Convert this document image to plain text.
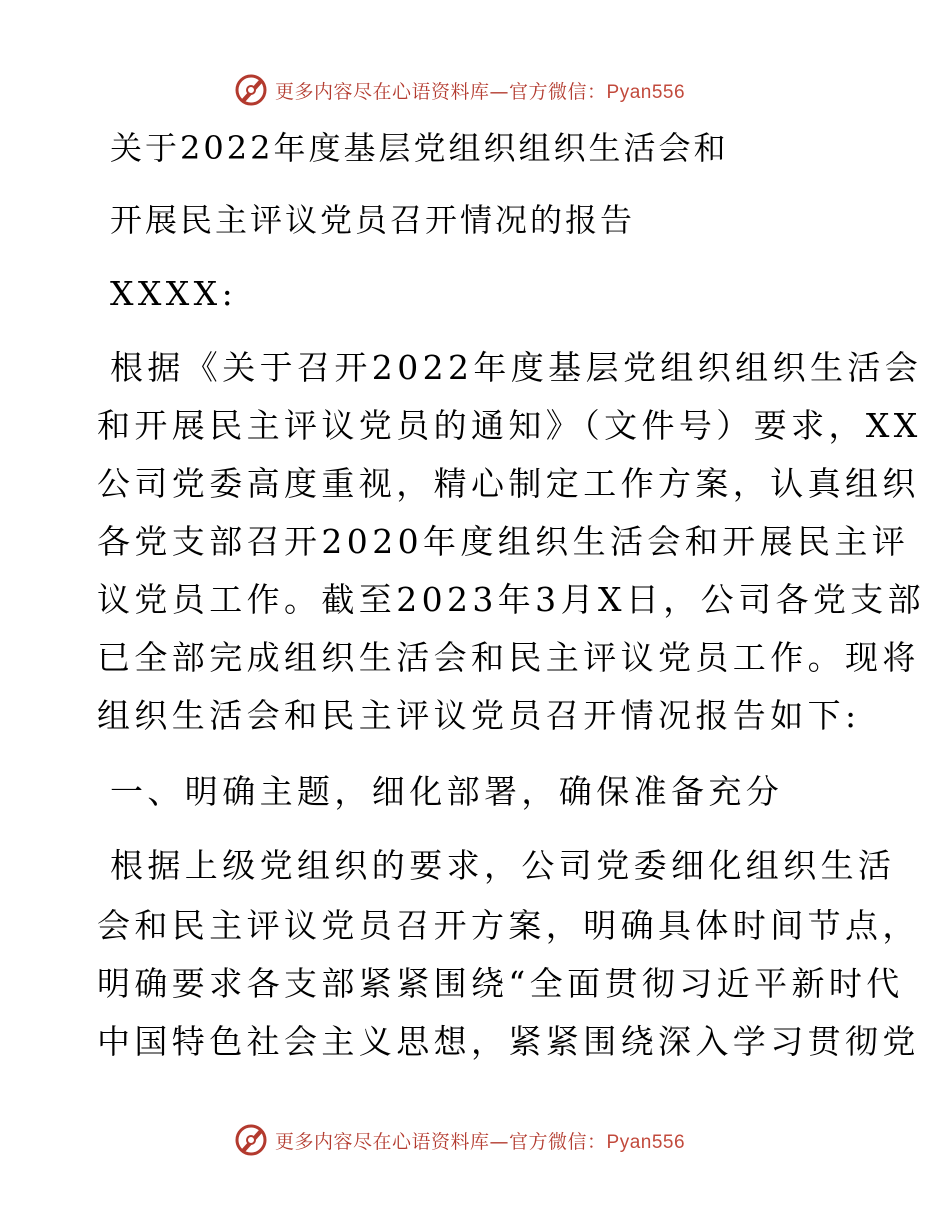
更多内容尽在心语资料库—官方微信：Pyan556
关于2022年度基层党组织组织生活会和
开展民主评议党员召开情况的报告
XXXX:
根据《关于召开2022年度基层党组织组织生活会
和开展民主评议党员的通知》（文件号）要求，XX
公司党委高度重视，精心制定工作方案，认真组织
各党支部召开2020年度组织生活会和开展民主评
议党员工作。截至2023年3月X日，公司各党支部
已全部完成组织生活会和民主评议党员工作。现将
组织生活会和民主评议党员召开情况报告如下:
一、明确主题，细化部署，确保准备充分
根据上级党组织的要求，公司党委细化组织生活
会和民主评议党员召开方案，明确具体时间节点，
明确要求各支部紧紧围绕“全面贯彻习近平新时代
中国特色社会主义思想，紧紧围绕深入学习贯彻党
更多内容尽在心语资料库—官方微信：Pyan556
